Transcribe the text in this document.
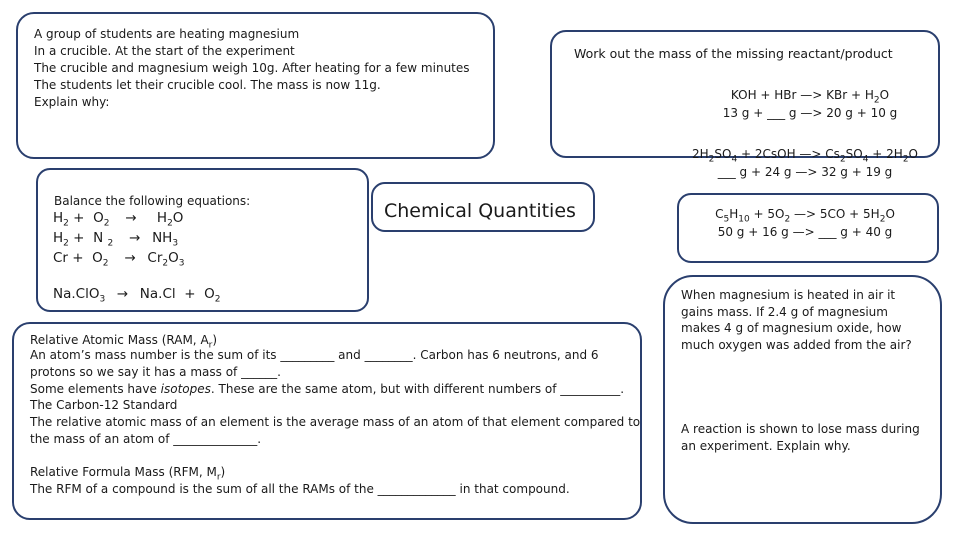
A group of students are heating magnesium
In a crucible. At the start of the experiment
The crucible and magnesium weigh 10g. After heating for a few minutes
The students let their crucible cool. The mass is now 11g.
Explain why:
Work out the mass of the missing reactant/product
KOH + HBr —> KBr + $H_2O$
13 g + ___ g —> 20 g + 10 g
$2H_2SO_4$ + 2CsOH —> $Cs_2SO_4 + 2H_2O$
___ g + 24 g —> 32 g + 19 g
$C_5H_{10} + 5O_2$ —> $5CO + 5H_2O$
50 g + 16 g —> ___ g + 40 g
Chemical Quantities
Balance the following equations:
$H_2 + O_2 \to H_2O$
$H_2 + N$ $_2 \to NH_3$
$Cr + O_2 \to Cr_2O_3$
$Na.ClO_3 \to Na.Cl + O_2$
Relative Atomic Mass (RAM, $A_r$)
An atom’s mass number is the sum of its _________ and ________. Carbon has 6 neutrons, and 6
protons so we say it has a mass of ______.
Some elements have isotopes. These are the same atom, but with different numbers of __________.
The Carbon-12 Standard
The relative atomic mass of an element is the average mass of an atom of that element compared to
the mass of an atom of ______________.
Relative Formula Mass (RFM, $M_r$)
The RFM of a compound is the sum of all the RAMs of the _____________ in that compound.
When magnesium is heated in air it
gains mass. If 2.4 g of magnesium
makes 4 g of magnesium oxide, how
much oxygen was added from the air?
A reaction is shown to lose mass during
an experiment. Explain why.
